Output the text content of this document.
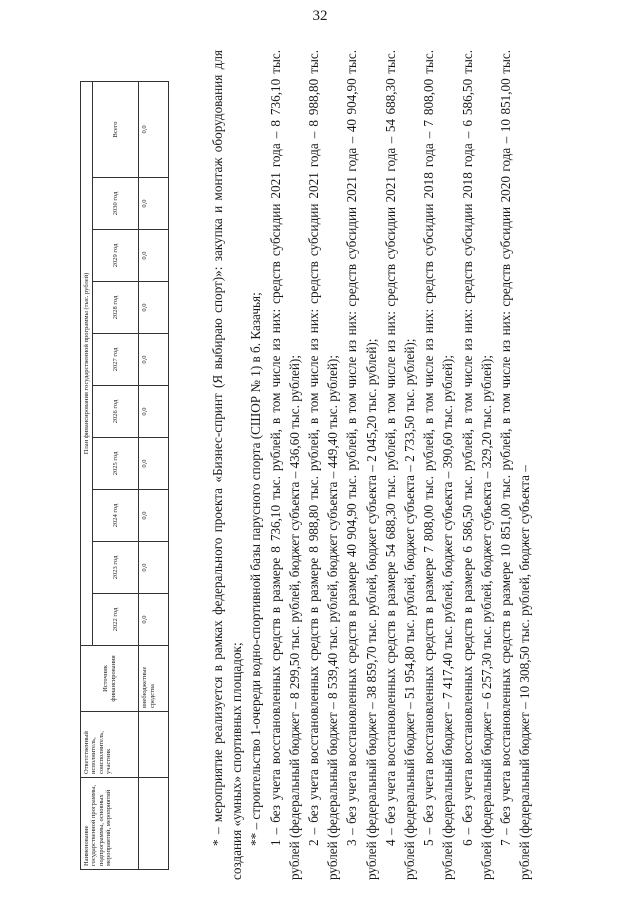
32
Наименование государственной программы, подпрограммы, основных мероприятий, мероприятий	Ответственный исполнитель, соисполнитель, участник	Источник финансирования	План финансирования государственной программы (тыс. рублей)									
			2022 год	2023 год	2024 год	2025 год	2026 год	2027 год	2028 год	2029 год	2030 год	Всего
		внебюджетные средства	0,0	0,0	0,0	0,0	0,0	0,0	0,0	0,0	0,0	0,0	* – мероприятие реализуется в рамках федерального проекта «Бизнес-спринт (Я выбираю спорт)»: закупка и монтаж оборудования для создания «умных» спортивных площадок; ** – строительство 1-очереди водно-спортивной базы парусного спорта (СШОР № 1) в б. Казачья; 1 – без учета восстановленных средств в размере 8 736,10 тыс. рублей, в том числе из них: средств субсидии 2021 года – 8 736,10 тыс. рублей (федеральный бюджет – 8 299,50 тыс. рублей, бюджет субъекта – 436,60 тыс. рублей); 2 – без учета восстановленных средств в размере 8 988,80 тыс. рублей, в том числе из них: средств субсидии 2021 года – 8 988,80 тыс. рублей (федеральный бюджет – 8 539,40 тыс. рублей, бюджет субъекта – 449,40 тыс. рублей); 3 – без учета восстановленных средств в размере 40 904,90 тыс. рублей, в том числе из них: средств субсидии 2021 года – 40 904,90 тыс. рублей (федеральный бюджет – 38 859,70 тыс. рублей, бюджет субъекта – 2 045,20 тыс. рублей); 4 – без учета восстановленных средств в размере 54 688,30 тыс. рублей, в том числе из них: средств субсидии 2021 года – 54 688,30 тыс. рублей (федеральный бюджет – 51 954,80 тыс. рублей, бюджет субъекта – 2 733,50 тыс. рублей); 5 – без учета восстановленных средств в размере 7 808,00 тыс. рублей, в том числе из них: средств субсидии 2018 года – 7 808,00 тыс. рублей (федеральный бюджет – 7 417,40 тыс. рублей, бюджет субъекта – 390,60 тыс. рублей); 6 – без учета восстановленных средств в размере 6 586,50 тыс. рублей, в том числе из них: средств субсидии 2018 года – 6 586,50 тыс. рублей (федеральный бюджет – 6 257,30 тыс. рублей, бюджет субъекта – 329,20 тыс. рублей); 7 – без учета восстановленных средств в размере 10 851,00 тыс. рублей, в том числе из них: средств субсидии 2020 года – 10 851,00 тыс. рублей (федеральный бюджет – 10 308,50 тыс. рублей, бюджет субъекта –
